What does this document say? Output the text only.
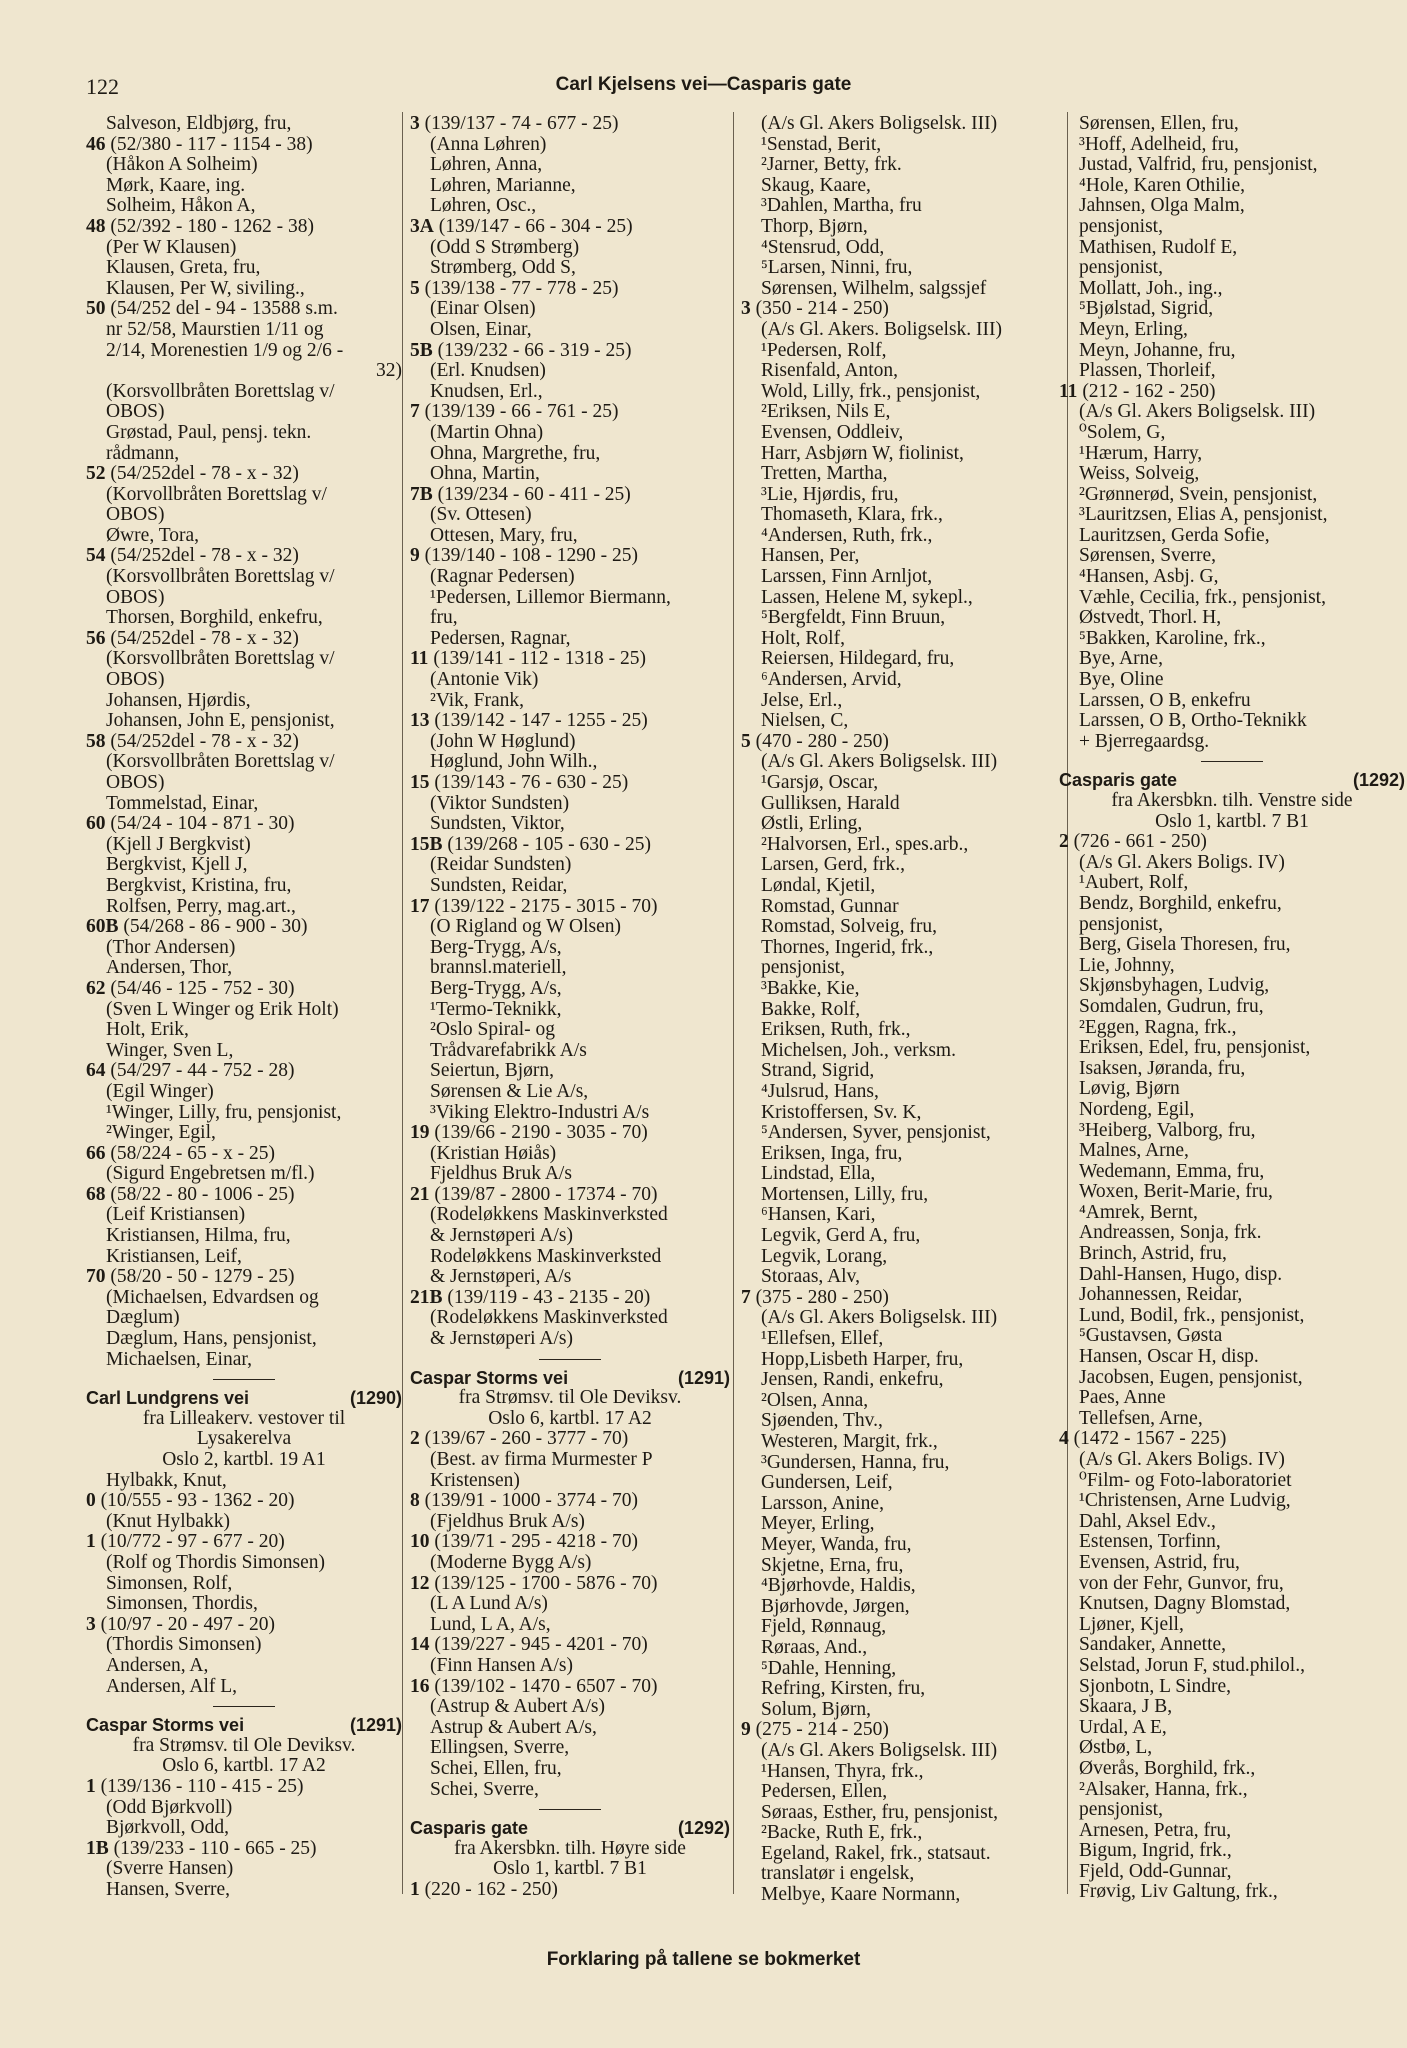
122	Carl Kjelsens vei—Casparis gate
Salveson, Eldbjørg, fru,
46 (52/380 - 117 - 1154 - 38)
(Håkon A Solheim)
Mørk, Kaare, ing.
Solheim, Håkon A,
48 (52/392 - 180 - 1262 - 38)
(Per W Klausen)
Klausen, Greta, fru,
Klausen, Per W, siviling.,
50 (54/252 del - 94 - 13588 s.m.
nr 52/58, Maurstien 1/11 og
2/14, Morenestien 1/9 og 2/6 -
32)
(Korsvollbråten Borettslag v/
OBOS)
Grøstad, Paul, pensj. tekn.
rådmann,
52 (54/252del - 78 - x - 32)
(Korvollbråten Borettslag v/
OBOS)
Øwre, Tora,
54 (54/252del - 78 - x - 32)
(Korsvollbråten Borettslag v/
OBOS)
Thorsen, Borghild, enkefru,
56 (54/252del - 78 - x - 32)
(Korsvollbråten Borettslag v/
OBOS)
Johansen, Hjørdis,
Johansen, John E, pensjonist,
58 (54/252del - 78 - x - 32)
(Korsvollbråten Borettslag v/
OBOS)
Tommelstad, Einar,
60 (54/24 - 104 - 871 - 30)
(Kjell J Bergkvist)
Bergkvist, Kjell J,
Bergkvist, Kristina, fru,
Rolfsen, Perry, mag.art.,
60B (54/268 - 86 - 900 - 30)
(Thor Andersen)
Andersen, Thor,
62 (54/46 - 125 - 752 - 30)
(Sven L Winger og Erik Holt)
Holt, Erik,
Winger, Sven L,
64 (54/297 - 44 - 752 - 28)
(Egil Winger)
¹Winger, Lilly, fru, pensjonist,
²Winger, Egil,
66 (58/224 - 65 - x - 25)
(Sigurd Engebretsen m/fl.)
68 (58/22 - 80 - 1006 - 25)
(Leif Kristiansen)
Kristiansen, Hilma, fru,
Kristiansen, Leif,
70 (58/20 - 50 - 1279 - 25)
(Michaelsen, Edvardsen og
Dæglum)
Dæglum, Hans, pensjonist,
Michaelsen, Einar,
Carl Lundgrens vei	(1290)
fra Lilleakerv. vestover til
Lysakerelva
Oslo 2, kartbl. 19 A1
Hylbakk, Knut,
0 (10/555 - 93 - 1362 - 20)
(Knut Hylbakk)
1 (10/772 - 97 - 677 - 20)
(Rolf og Thordis Simonsen)
Simonsen, Rolf,
Simonsen, Thordis,
3 (10/97 - 20 - 497 - 20)
(Thordis Simonsen)
Andersen, A,
Andersen, Alf L,
Caspar Storms vei	(1291)
fra Strømsv. til Ole Deviksv.
Oslo 6, kartbl. 17 A2
1 (139/136 - 110 - 415 - 25)
(Odd Bjørkvoll)
Bjørkvoll, Odd,
1B (139/233 - 110 - 665 - 25)
(Sverre Hansen)
Hansen, Sverre,
3 (139/137 - 74 - 677 - 25)
(Anna Løhren)
Løhren, Anna,
Løhren, Marianne,
Løhren, Osc.,
3A (139/147 - 66 - 304 - 25)
(Odd S Strømberg)
Strømberg, Odd S,
5 (139/138 - 77 - 778 - 25)
(Einar Olsen)
Olsen, Einar,
5B (139/232 - 66 - 319 - 25)
(Erl. Knudsen)
Knudsen, Erl.,
7 (139/139 - 66 - 761 - 25)
(Martin Ohna)
Ohna, Margrethe, fru,
Ohna, Martin,
7B (139/234 - 60 - 411 - 25)
(Sv. Ottesen)
Ottesen, Mary, fru,
9 (139/140 - 108 - 1290 - 25)
(Ragnar Pedersen)
¹Pedersen, Lillemor Biermann,
fru,
Pedersen, Ragnar,
11 (139/141 - 112 - 1318 - 25)
(Antonie Vik)
²Vik, Frank,
13 (139/142 - 147 - 1255 - 25)
(John W Høglund)
Høglund, John Wilh.,
15 (139/143 - 76 - 630 - 25)
(Viktor Sundsten)
Sundsten, Viktor,
15B (139/268 - 105 - 630 - 25)
(Reidar Sundsten)
Sundsten, Reidar,
17 (139/122 - 2175 - 3015 - 70)
(O Rigland og W Olsen)
Berg-Trygg, A/s,
brannsl.materiell,
Berg-Trygg, A/s,
¹Termo-Teknikk,
²Oslo Spiral- og
Trådvarefabrikk A/s
Seiertun, Bjørn,
Sørensen & Lie A/s,
³Viking Elektro-Industri A/s
19 (139/66 - 2190 - 3035 - 70)
(Kristian Høiås)
Fjeldhus Bruk A/s
21 (139/87 - 2800 - 17374 - 70)
(Rodeløkkens Maskinverksted
& Jernstøperi A/s)
Rodeløkkens Maskinverksted
& Jernstøperi, A/s
21B (139/119 - 43 - 2135 - 20)
(Rodeløkkens Maskinverksted
& Jernstøperi A/s)
Caspar Storms vei	(1291)
fra Strømsv. til Ole Deviksv.
Oslo 6, kartbl. 17 A2
2 (139/67 - 260 - 3777 - 70)
(Best. av firma Murmester P
Kristensen)
8 (139/91 - 1000 - 3774 - 70)
(Fjeldhus Bruk A/s)
10 (139/71 - 295 - 4218 - 70)
(Moderne Bygg A/s)
12 (139/125 - 1700 - 5876 - 70)
(L A Lund A/s)
Lund, L A, A/s,
14 (139/227 - 945 - 4201 - 70)
(Finn Hansen A/s)
16 (139/102 - 1470 - 6507 - 70)
(Astrup & Aubert A/s)
Astrup & Aubert A/s,
Ellingsen, Sverre,
Schei, Ellen, fru,
Schei, Sverre,
Casparis gate	(1292)
fra Akersbkn. tilh. Høyre side
Oslo 1, kartbl. 7 B1
1 (220 - 162 - 250)
(A/s Gl. Akers Boligselsk. III)
¹Senstad, Berit,
²Jarner, Betty, frk.
Skaug, Kaare,
³Dahlen, Martha, fru
Thorp, Bjørn,
⁴Stensrud, Odd,
⁵Larsen, Ninni, fru,
Sørensen, Wilhelm, salgssjef
3 (350 - 214 - 250)
(A/s Gl. Akers. Boligselsk. III)
¹Pedersen, Rolf,
Risenfald, Anton,
Wold, Lilly, frk., pensjonist,
²Eriksen, Nils E,
Evensen, Oddleiv,
Harr, Asbjørn W, fiolinist,
Tretten, Martha,
³Lie, Hjørdis, fru,
Thomaseth, Klara, frk.,
⁴Andersen, Ruth, frk.,
Hansen, Per,
Larssen, Finn Arnljot,
Lassen, Helene M, sykepl.,
⁵Bergfeldt, Finn Bruun,
Holt, Rolf,
Reiersen, Hildegard, fru,
⁶Andersen, Arvid,
Jelse, Erl.,
Nielsen, C,
5 (470 - 280 - 250)
(A/s Gl. Akers Boligselsk. III)
¹Garsjø, Oscar,
Gulliksen, Harald
Østli, Erling,
²Halvorsen, Erl., spes.arb.,
Larsen, Gerd, frk.,
Løndal, Kjetil,
Romstad, Gunnar
Romstad, Solveig, fru,
Thornes, Ingerid, frk.,
pensjonist,
³Bakke, Kie,
Bakke, Rolf,
Eriksen, Ruth, frk.,
Michelsen, Joh., verksm.
Strand, Sigrid,
⁴Julsrud, Hans,
Kristoffersen, Sv. K,
⁵Andersen, Syver, pensjonist,
Eriksen, Inga, fru,
Lindstad, Ella,
Mortensen, Lilly, fru,
⁶Hansen, Kari,
Legvik, Gerd A, fru,
Legvik, Lorang,
Storaas, Alv,
7 (375 - 280 - 250)
(A/s Gl. Akers Boligselsk. III)
¹Ellefsen, Ellef,
Hopp,Lisbeth Harper, fru,
Jensen, Randi, enkefru,
²Olsen, Anna,
Sjøenden, Thv.,
Westeren, Margit, frk.,
³Gundersen, Hanna, fru,
Gundersen, Leif,
Larsson, Anine,
Meyer, Erling,
Meyer, Wanda, fru,
Skjetne, Erna, fru,
⁴Bjørhovde, Haldis,
Bjørhovde, Jørgen,
Fjeld, Rønnaug,
Røraas, And.,
⁵Dahle, Henning,
Refring, Kirsten, fru,
Solum, Bjørn,
9 (275 - 214 - 250)
(A/s Gl. Akers Boligselsk. III)
¹Hansen, Thyra, frk.,
Pedersen, Ellen,
Søraas, Esther, fru, pensjonist,
²Backe, Ruth E, frk.,
Egeland, Rakel, frk., statsaut.
translatør i engelsk,
Melbye, Kaare Normann,
Sørensen, Ellen, fru,
³Hoff, Adelheid, fru,
Justad, Valfrid, fru, pensjonist,
⁴Hole, Karen Othilie,
Jahnsen, Olga Malm,
pensjonist,
Mathisen, Rudolf E,
pensjonist,
Mollatt, Joh., ing.,
⁵Bjølstad, Sigrid,
Meyn, Erling,
Meyn, Johanne, fru,
Plassen, Thorleif,
11 (212 - 162 - 250)
(A/s Gl. Akers Boligselsk. III)
⁰Solem, G,
¹Hærum, Harry,
Weiss, Solveig,
²Grønnerød, Svein, pensjonist,
³Lauritzsen, Elias A, pensjonist,
Lauritzsen, Gerda Sofie,
Sørensen, Sverre,
⁴Hansen, Asbj. G,
Væhle, Cecilia, frk., pensjonist,
Østvedt, Thorl. H,
⁵Bakken, Karoline, frk.,
Bye, Arne,
Bye, Oline
Larssen, O B, enkefru
Larssen, O B, Ortho-Teknikk
+ Bjerregaardsg.
Casparis gate	(1292)
fra Akersbkn. tilh. Venstre side
Oslo 1, kartbl. 7 B1
2 (726 - 661 - 250)
(A/s Gl. Akers Boligs. IV)
¹Aubert, Rolf,
Bendz, Borghild, enkefru,
pensjonist,
Berg, Gisela Thoresen, fru,
Lie, Johnny,
Skjønsbyhagen, Ludvig,
Somdalen, Gudrun, fru,
²Eggen, Ragna, frk.,
Eriksen, Edel, fru, pensjonist,
Isaksen, Jøranda, fru,
Løvig, Bjørn
Nordeng, Egil,
³Heiberg, Valborg, fru,
Malnes, Arne,
Wedemann, Emma, fru,
Woxen, Berit-Marie, fru,
⁴Amrek, Bernt,
Andreassen, Sonja, frk.
Brinch, Astrid, fru,
Dahl-Hansen, Hugo, disp.
Johannessen, Reidar,
Lund, Bodil, frk., pensjonist,
⁵Gustavsen, Gøsta
Hansen, Oscar H, disp.
Jacobsen, Eugen, pensjonist,
Paes, Anne
Tellefsen, Arne,
4 (1472 - 1567 - 225)
(A/s Gl. Akers Boligs. IV)
⁰Film- og Foto-laboratoriet
¹Christensen, Arne Ludvig,
Dahl, Aksel Edv.,
Estensen, Torfinn,
Evensen, Astrid, fru,
von der Fehr, Gunvor, fru,
Knutsen, Dagny Blomstad,
Ljøner, Kjell,
Sandaker, Annette,
Selstad, Jorun F, stud.philol.,
Sjonbotn, L Sindre,
Skaara, J B,
Urdal, A E,
Østbø, L,
Øverås, Borghild, frk.,
²Alsaker, Hanna, frk.,
pensjonist,
Arnesen, Petra, fru,
Bigum, Ingrid, frk.,
Fjeld, Odd-Gunnar,
Frøvig, Liv Galtung, frk.,
Forklaring på tallene se bokmerket
